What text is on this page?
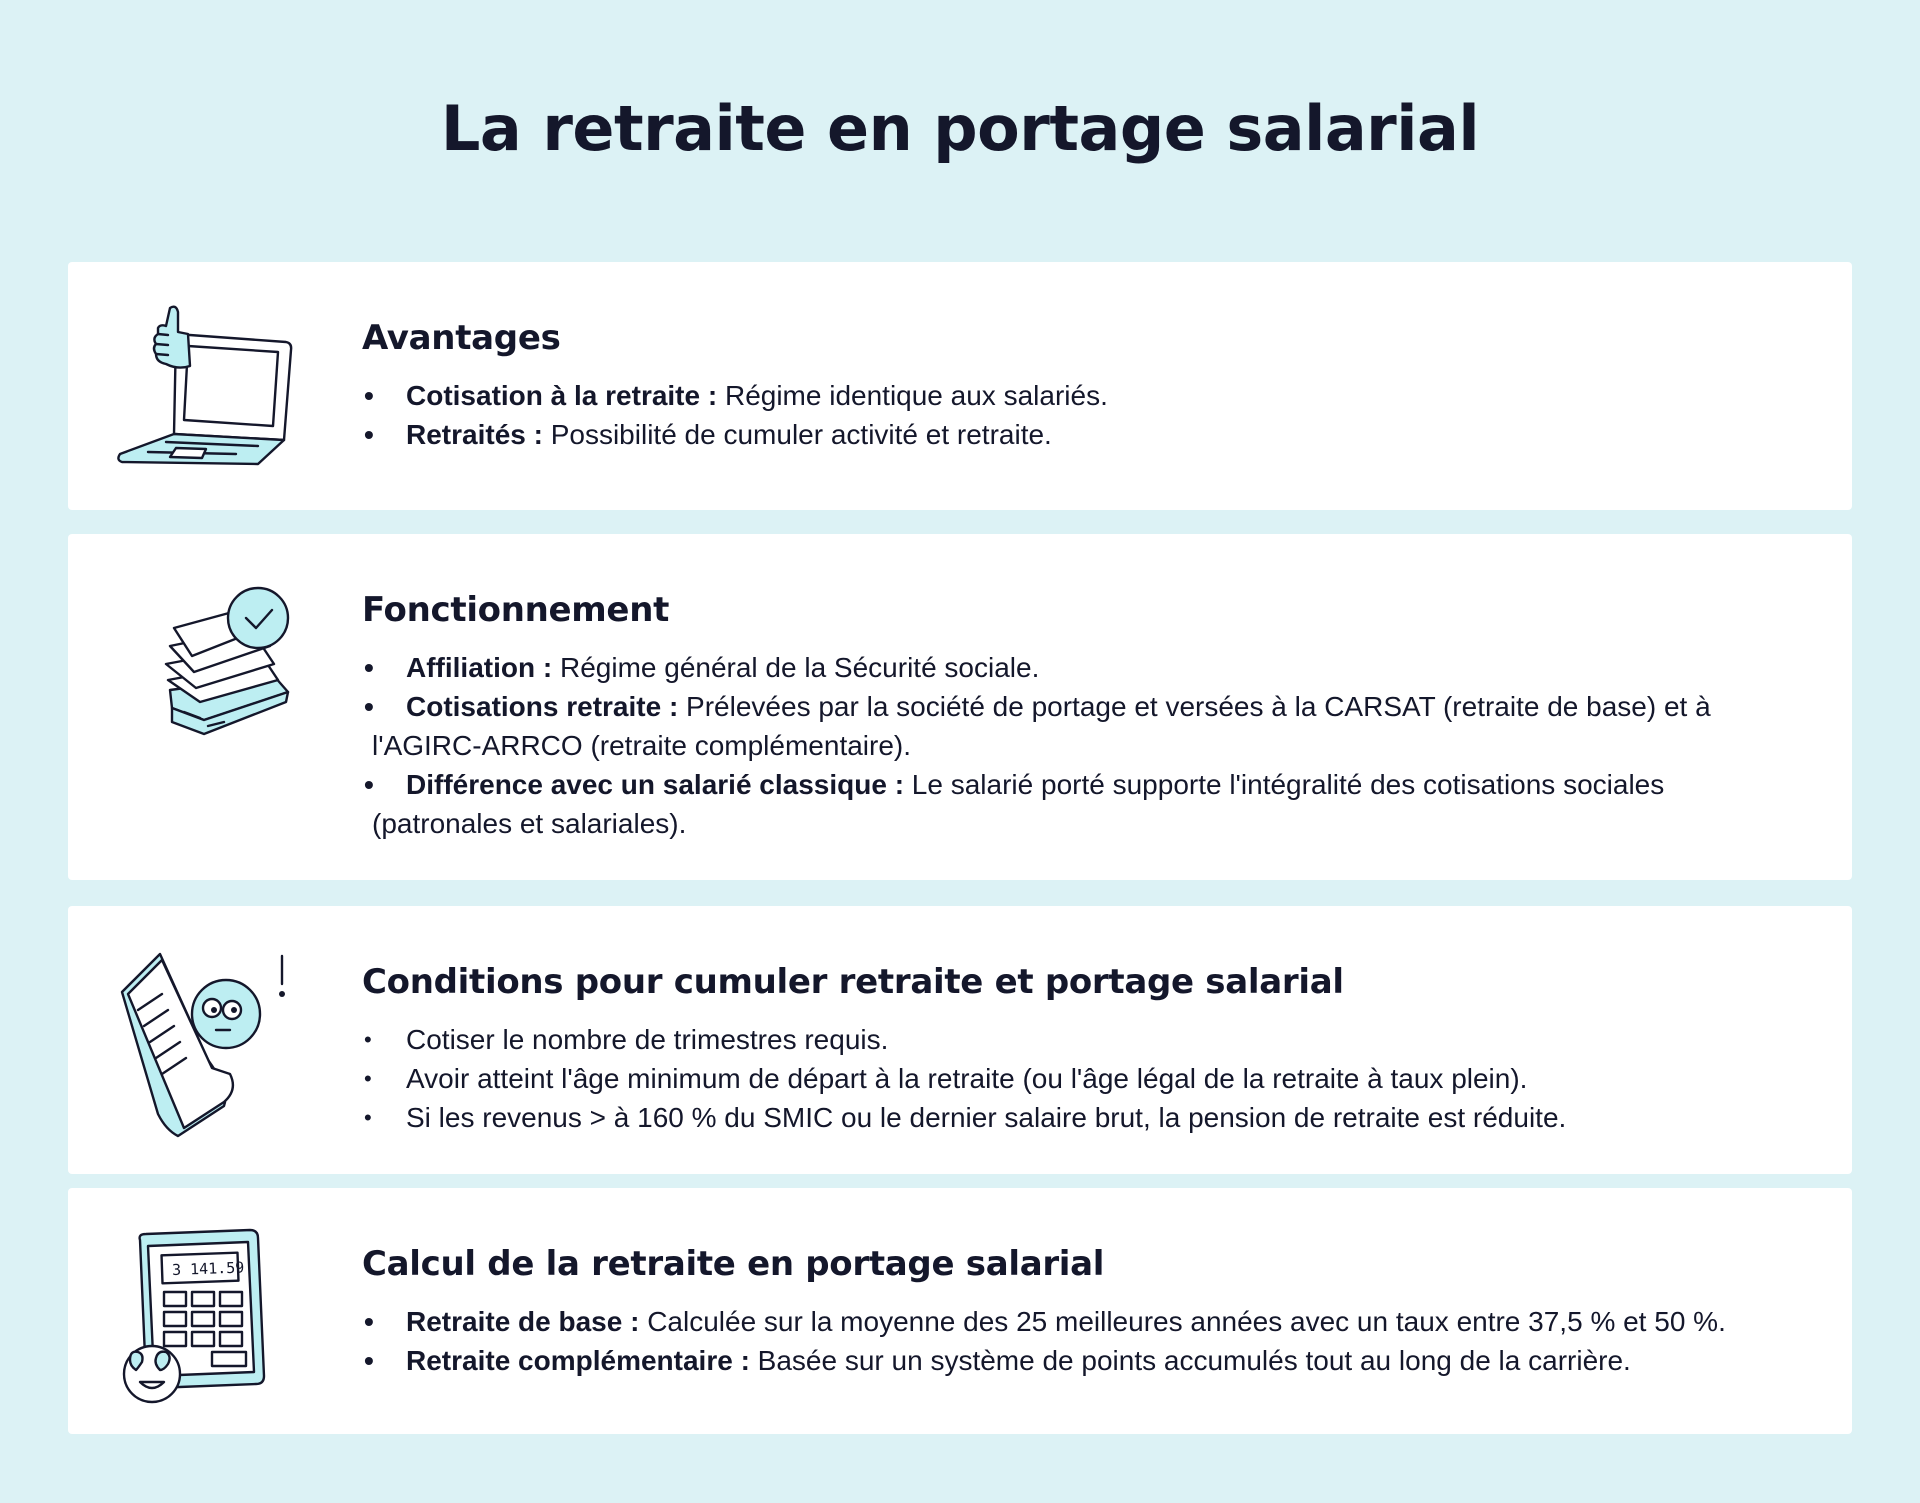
La retraite en portage salarial
Avantages
• Cotisation à la retraite : Régime identique aux salariés.
• Retraités : Possibilité de cumuler activité et retraite.
Fonctionnement
• Affiliation : Régime général de la Sécurité sociale.
• Cotisations retraite : Prélevées par la société de portage et versées à la CARSAT (retraite de base) et à
l'AGIRC-ARRCO (retraite complémentaire).
• Différence avec un salarié classique : Le salarié porté supporte l'intégralité des cotisations sociales
(patronales et salariales).
Conditions pour cumuler retraite et portage salarial
• Cotiser le nombre de trimestres requis.
• Avoir atteint l'âge minimum de départ à la retraite (ou l'âge légal de la retraite à taux plein).
• Si les revenus > à 160 % du SMIC ou le dernier salaire brut, la pension de retraite est réduite.
3 141.59	Calcul de la retraite en portage salarial
• Retraite de base : Calculée sur la moyenne des 25 meilleures années avec un taux entre 37,5 % et 50 %.
• Retraite complémentaire : Basée sur un système de points accumulés tout au long de la carrière.
